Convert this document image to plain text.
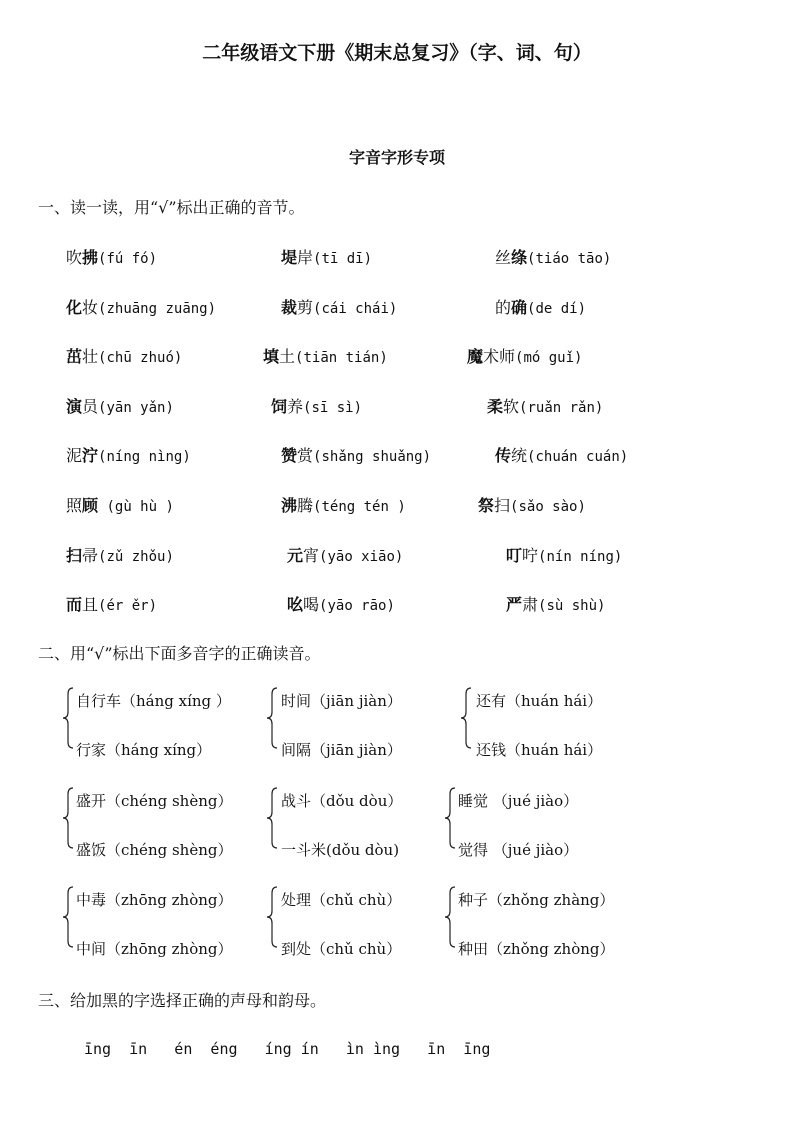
二年级语文下册《期末总复习》（字、词、句）
字音字形专项
一、读一读，用“√”标出正确的音节。
吹拂(fú fó)	堤岸(tī dī)	丝绦(tiáo tāo)
化妆(zhuāng zuāng)	裁剪(cái chái)	的确(de dí)
茁壮(chū zhuó)	填土(tiān tián)	魔术师(mó guǐ)
演员(yān yǎn)	饲养(sī sì)	柔软(ruǎn rǎn)
泥泞(níng nìng)	赞赏(shǎng shuǎng)	传统(chuán cuán)
照顾 (gù hù )	沸腾(téng tén )	祭扫(sǎo sào)
扫帚(zǔ zhǒu)	元宵(yāo xiāo)	叮咛(nín níng)
而且(ér ěr)	吆喝(yāo rāo)	严肃(sù shù)
二、用“√”标出下面多音字的正确读音。
自行车（háng xíng ）	时间（jiān jiàn）	还有（huán hái）
行家（háng xíng）	间隔（jiān jiàn）	还钱（huán hái）
盛开（chéng shèng）	战斗（dǒu dòu）	睡觉 （jué jiào）
盛饭（chéng shèng）	一斗米(dǒu dòu)	觉得 （jué jiào）
中毒（zhōng zhòng）	处理（chǔ chù）	种子（zhǒng zhàng）
中间（zhōng zhòng）	到处（chǔ chù）	种田（zhǒng zhòng）
三、给加黑的字选择正确的声母和韵母。
īng  īn   én  éng   íng ín   ìn ìng   īn  īng
